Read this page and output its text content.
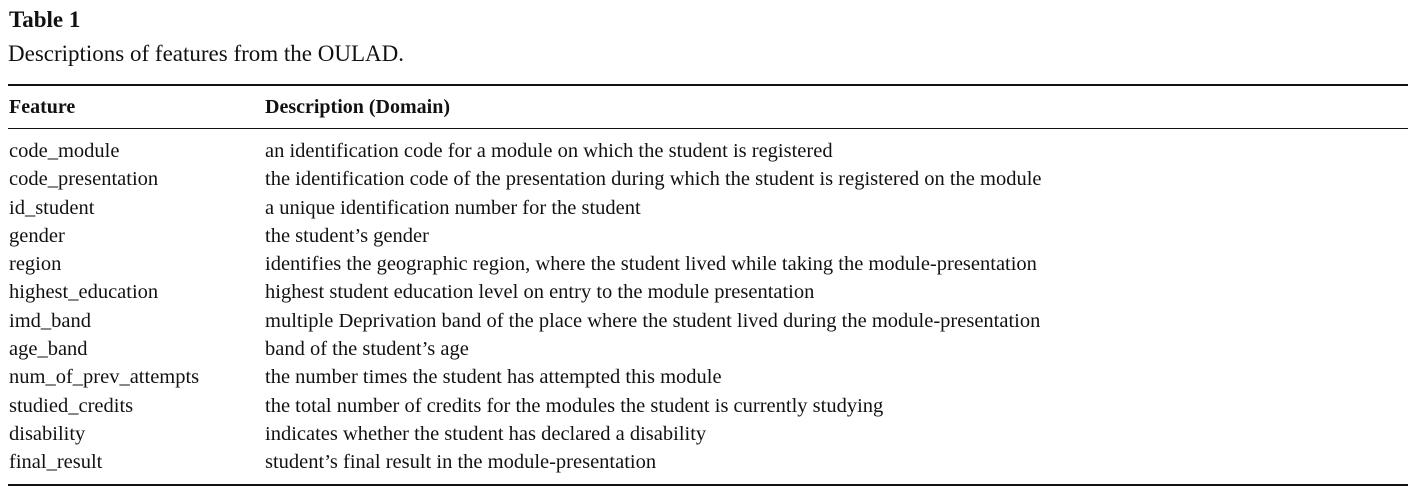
Table 1
Descriptions of features from the OULAD.
Feature	Description (Domain)
code_module	an identification code for a module on which the student is registered
code_presentation	the identification code of the presentation during which the student is registered on the module
id_student	a unique identification number for the student
gender	the student’s gender
region	identifies the geographic region, where the student lived while taking the module-presentation
highest_education	highest student education level on entry to the module presentation
imd_band	multiple Deprivation band of the place where the student lived during the module-presentation
age_band	band of the student’s age
num_of_prev_attempts	the number times the student has attempted this module
studied_credits	the total number of credits for the modules the student is currently studying
disability	indicates whether the student has declared a disability
final_result	student’s final result in the module-presentation
